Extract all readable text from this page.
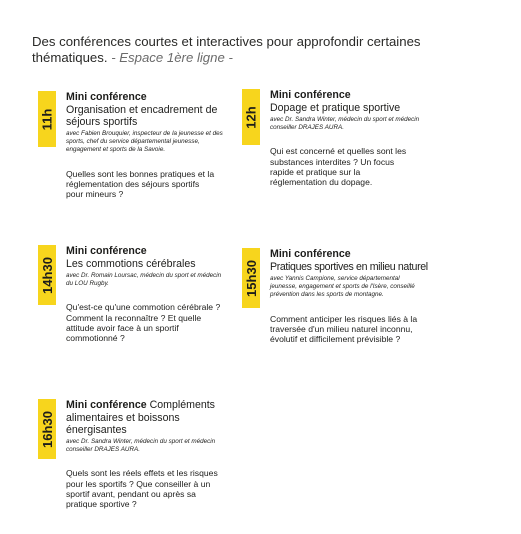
Des conférences courtes et interactives pour approfondir certaines thématiques. - Espace 1ère ligne -
11h
Mini conférence
Organisation et encadrement de séjours sportifs
avec Fabien Brouquier, inspecteur de la jeunesse et des sports, chef du service départemental jeunesse, engagement et sports de la Savoie.
Quelles sont les bonnes pratiques et la réglementation des séjours sportifs pour mineurs ?
12h
Mini conférence
Dopage et pratique sportive
avec Dr. Sandra Winter, médecin du sport et médecin conseiller DRAJES AURA.
Qui est concerné et quelles sont les substances interdites ? Un focus rapide et pratique sur la réglementation du dopage.
14h30
Mini conférence
Les commotions cérébrales
avec Dr. Romain Loursac, médecin du sport et médecin du LOU Rugby.
Qu'est-ce qu'une commotion cérébrale ? Comment la reconnaître ? Et quelle attitude avoir face à un sportif commotionné ?
15h30
Mini conférence
Pratiques sportives en milieu naturel
avec Yannis Campione, service départemental jeunesse, engagement et sports de l'Isère, conseillé prévention dans les sports de montagne.
Comment anticiper les risques liés à la traversée d'un milieu naturel inconnu, évolutif et difficilement prévisible ?
16h30
Mini conférence Compléments alimentaires et boissons énergisantes
avec Dr. Sandra Winter, médecin du sport et médecin conseiller DRAJES AURA.
Quels sont les réels effets et les risques pour les sportifs ? Que conseiller à un sportif avant, pendant ou après sa pratique sportive ?
